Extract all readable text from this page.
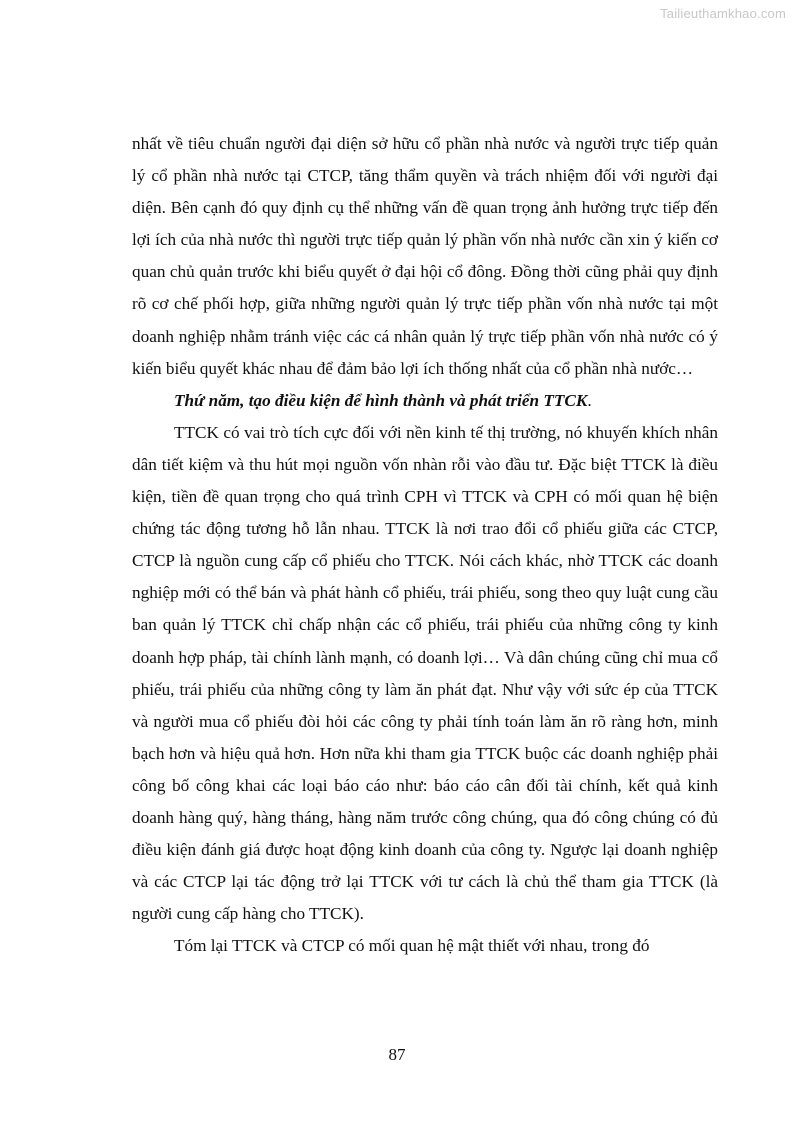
Tailieuthamkhao.com

nhất về tiêu chuẩn người đại diện sở hữu cổ phần nhà nước và người trực tiếp quản lý cổ phần nhà nước tại CTCP, tăng thẩm quyền và trách nhiệm đối với người đại diện. Bên cạnh đó quy định cụ thể những vấn đề quan trọng ảnh hưởng trực tiếp đến lợi ích của nhà nước thì người trực tiếp quản lý phần vốn nhà nước cần xin ý kiến cơ quan chủ quản trước khi biểu quyết ở đại hội cổ đông. Đồng thời cũng phải quy định rõ cơ chế phối hợp, giữa những người quản lý trực tiếp phần vốn nhà nước tại một doanh nghiệp nhằm tránh việc các cá nhân quản lý trực tiếp phần vốn nhà nước có ý kiến biểu quyết khác nhau để đảm bảo lợi ích thống nhất của cổ phần nhà nước…

Thứ năm, tạo điều kiện để hình thành và phát triển TTCK.

TTCK có vai trò tích cực đối với nền kinh tế thị trường, nó khuyến khích nhân dân tiết kiệm và thu hút mọi nguồn vốn nhàn rỗi vào đầu tư. Đặc biệt TTCK là điều kiện, tiền đề quan trọng cho quá trình CPH vì TTCK và CPH có mối quan hệ biện chứng tác động tương hỗ lẫn nhau. TTCK là nơi trao đổi cổ phiếu giữa các CTCP, CTCP là nguồn cung cấp cổ phiếu cho TTCK. Nói cách khác, nhờ TTCK các doanh nghiệp mới có thể bán và phát hành cổ phiếu, trái phiếu, song theo quy luật cung cầu ban quản lý TTCK chỉ chấp nhận các cổ phiếu, trái phiếu của những công ty kinh doanh hợp pháp, tài chính lành mạnh, có doanh lợi… Và dân chúng cũng chỉ mua cổ phiếu, trái phiếu của những công ty làm ăn phát đạt. Như vậy với sức ép của TTCK và người mua cổ phiếu đòi hỏi các công ty phải tính toán làm ăn rõ ràng hơn, minh bạch hơn và hiệu quả hơn. Hơn nữa khi tham gia TTCK buộc các doanh nghiệp phải công bố công khai các loại báo cáo như: báo cáo cân đối tài chính, kết quả kinh doanh hàng quý, hàng tháng, hàng năm trước công chúng, qua đó công chúng có đủ điều kiện đánh giá được hoạt động kinh doanh của công ty. Ngược lại doanh nghiệp và các CTCP lại tác động trở lại TTCK với tư cách là chủ thể tham gia TTCK (là người cung cấp hàng cho TTCK).

Tóm lại TTCK và CTCP có mối quan hệ mật thiết với nhau, trong đó

87
